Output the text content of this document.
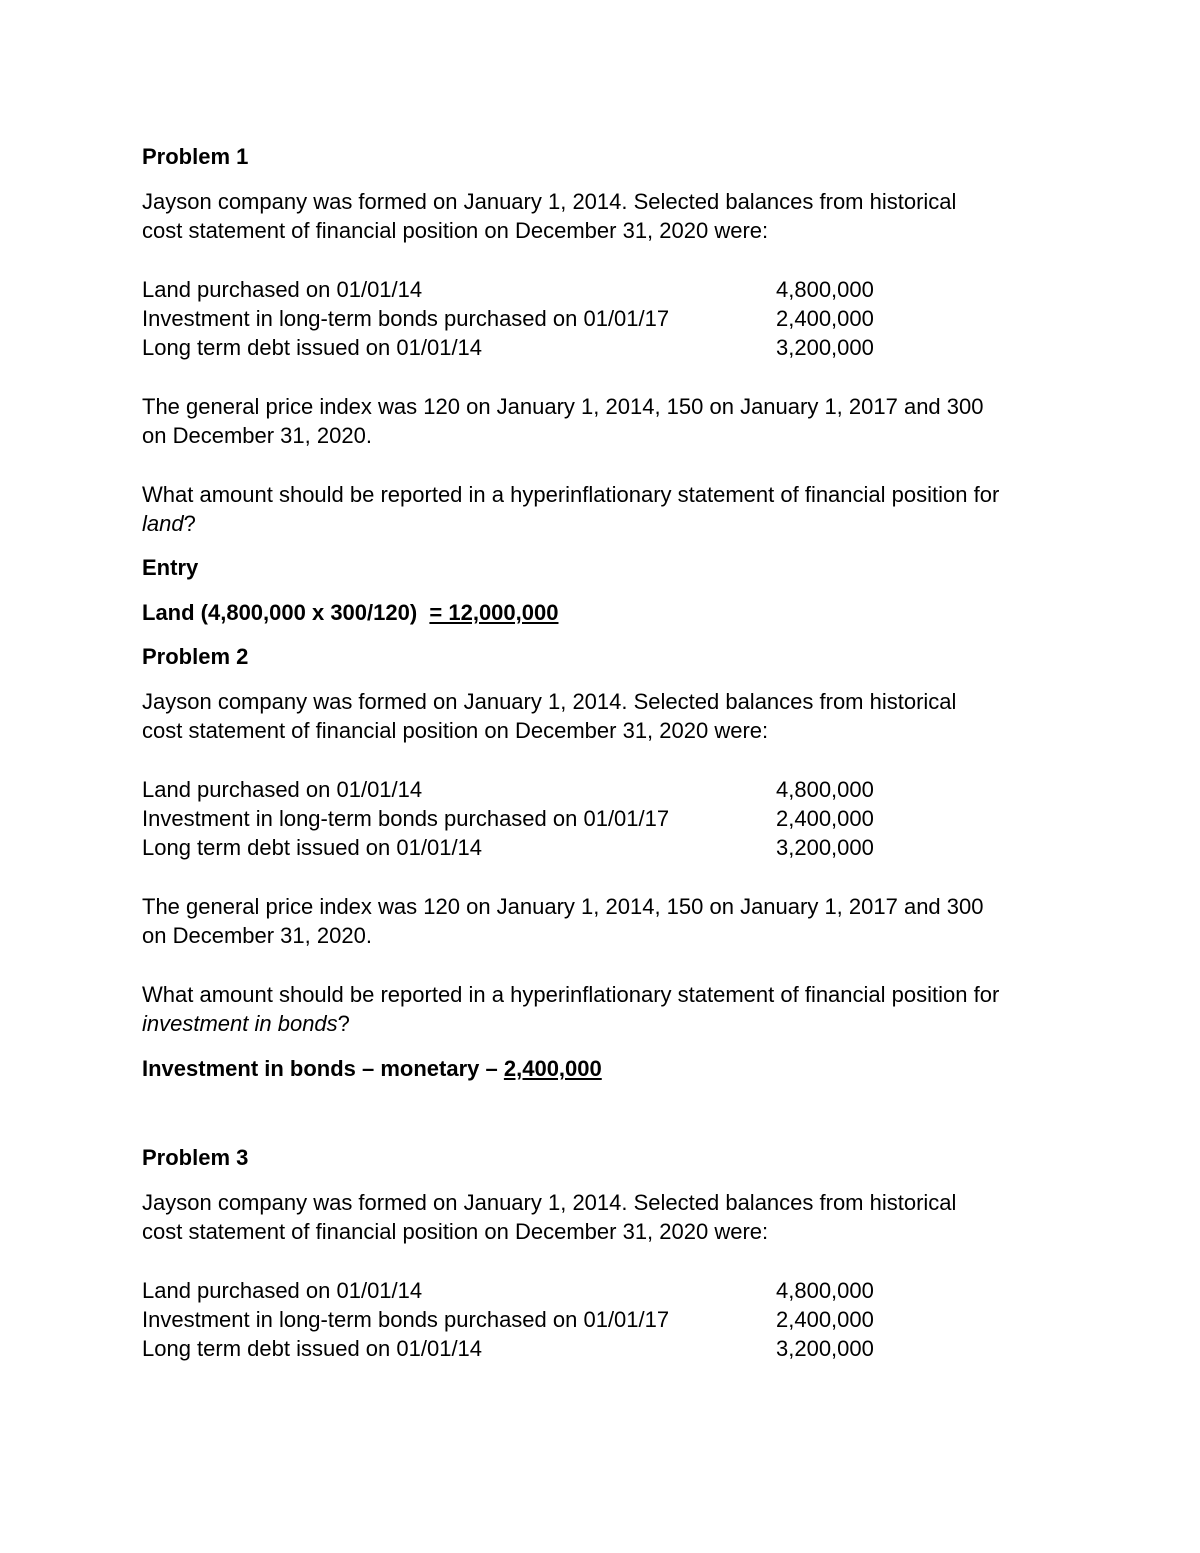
Problem 1
Jayson company was formed on January 1, 2014. Selected balances from historical
cost statement of financial position on December 31, 2020 were:
Land purchased on 01/01/14	4,800,000
Investment in long-term bonds purchased on 01/01/17	2,400,000
Long term debt issued on 01/01/14	3,200,000
The general price index was 120 on January 1, 2014, 150 on January 1, 2017 and 300
on December 31, 2020.
What amount should be reported in a hyperinflationary statement of financial position for
land?
Entry
Land (4,800,000 x 300/120)  = 12,000,000
Problem 2
Jayson company was formed on January 1, 2014. Selected balances from historical
cost statement of financial position on December 31, 2020 were:
Land purchased on 01/01/14	4,800,000
Investment in long-term bonds purchased on 01/01/17	2,400,000
Long term debt issued on 01/01/14	3,200,000
The general price index was 120 on January 1, 2014, 150 on January 1, 2017 and 300
on December 31, 2020.
What amount should be reported in a hyperinflationary statement of financial position for
investment in bonds?
Investment in bonds – monetary – 2,400,000
Problem 3
Jayson company was formed on January 1, 2014. Selected balances from historical
cost statement of financial position on December 31, 2020 were:
Land purchased on 01/01/14	4,800,000
Investment in long-term bonds purchased on 01/01/17	2,400,000
Long term debt issued on 01/01/14	3,200,000
